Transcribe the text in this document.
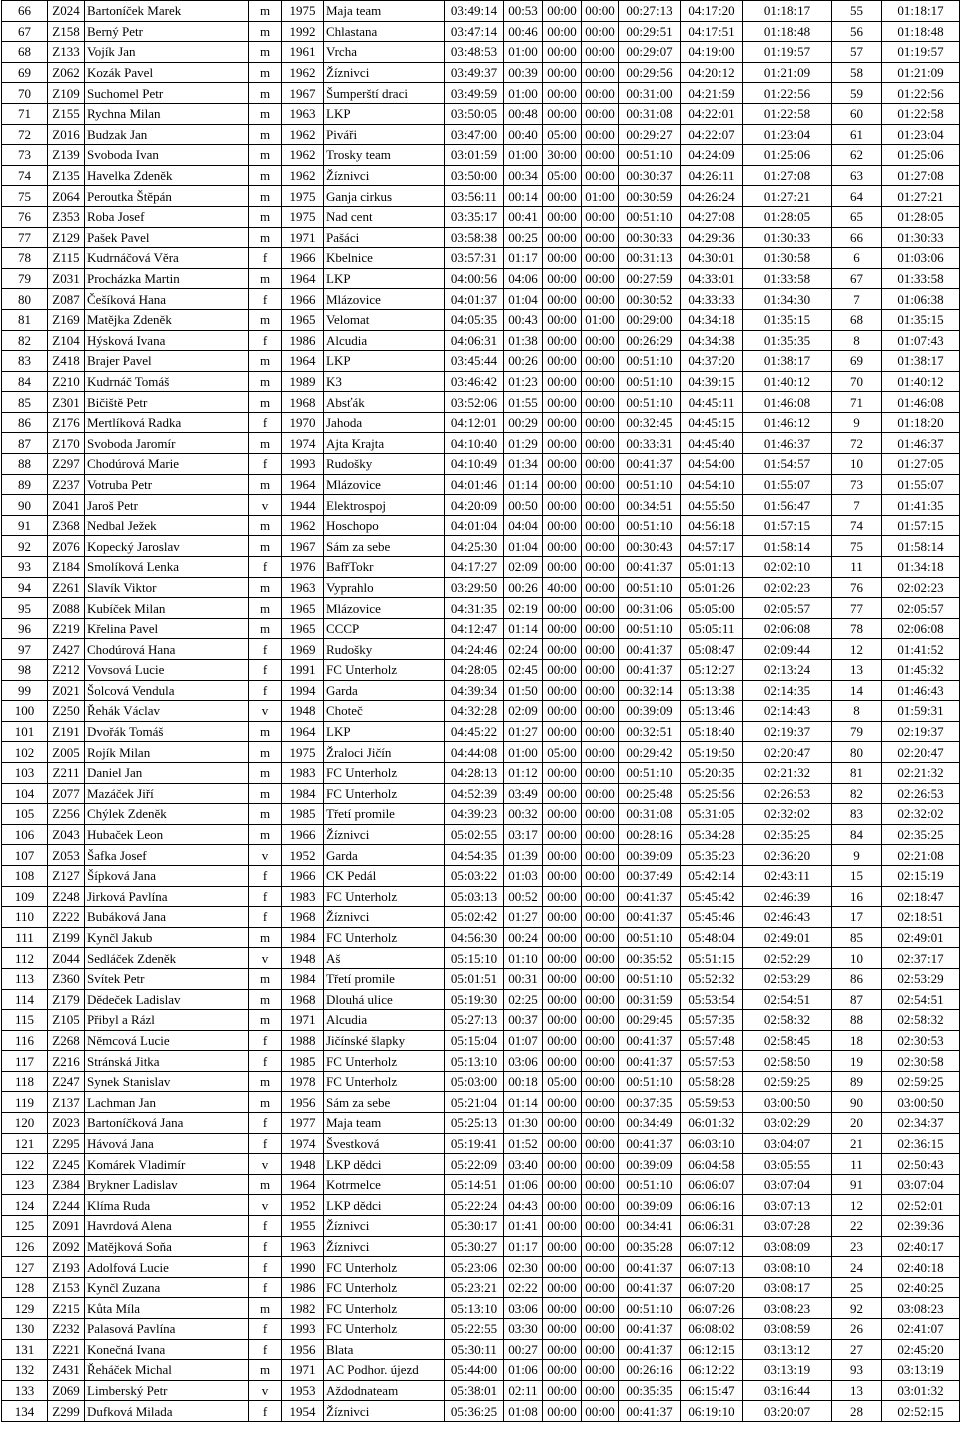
66	Z024	Bartoníček Marek	m	1975	Maja team	03:49:14	00:53	00:00	00:00	00:27:13	04:17:20	01:18:17	55	01:18:17
67	Z158	Berný Petr	m	1992	Chlastana	03:47:14	00:46	00:00	00:00	00:29:51	04:17:51	01:18:48	56	01:18:48
68	Z133	Vojík Jan	m	1961	Vrcha	03:48:53	01:00	00:00	00:00	00:29:07	04:19:00	01:19:57	57	01:19:57
69	Z062	Kozák Pavel	m	1962	Žíznivci	03:49:37	00:39	00:00	00:00	00:29:56	04:20:12	01:21:09	58	01:21:09
70	Z109	Suchomel Petr	m	1967	Šumperští draci	03:49:59	01:00	00:00	00:00	00:31:00	04:21:59	01:22:56	59	01:22:56
71	Z155	Rychna Milan	m	1963	LKP	03:50:05	00:48	00:00	00:00	00:31:08	04:22:01	01:22:58	60	01:22:58
72	Z016	Budzak Jan	m	1962	Piváři	03:47:00	00:40	05:00	00:00	00:29:27	04:22:07	01:23:04	61	01:23:04
73	Z139	Svoboda Ivan	m	1962	Trosky team	03:01:59	01:00	30:00	00:00	00:51:10	04:24:09	01:25:06	62	01:25:06
74	Z135	Havelka Zdeněk	m	1962	Žíznivci	03:50:00	00:34	05:00	00:00	00:30:37	04:26:11	01:27:08	63	01:27:08
75	Z064	Peroutka Štěpán	m	1975	Ganja cirkus	03:56:11	00:14	00:00	01:00	00:30:59	04:26:24	01:27:21	64	01:27:21
76	Z353	Roba Josef	m	1975	Nad cent	03:35:17	00:41	00:00	00:00	00:51:10	04:27:08	01:28:05	65	01:28:05
77	Z129	Pašek Pavel	m	1971	Pašáci	03:58:38	00:25	00:00	00:00	00:30:33	04:29:36	01:30:33	66	01:30:33
78	Z115	Kudrnáčová Věra	f	1966	Kbelnice	03:57:31	01:17	00:00	00:00	00:31:13	04:30:01	01:30:58	6	01:03:06
79	Z031	Procházka Martin	m	1964	LKP	04:00:56	04:06	00:00	00:00	00:27:59	04:33:01	01:33:58	67	01:33:58
80	Z087	Češíková Hana	f	1966	Mlázovice	04:01:37	01:04	00:00	00:00	00:30:52	04:33:33	01:34:30	7	01:06:38
81	Z169	Matějka Zdeněk	m	1965	Velomat	04:05:35	00:43	00:00	01:00	00:29:00	04:34:18	01:35:15	68	01:35:15
82	Z104	Hýsková Ivana	f	1986	Alcudia	04:06:31	01:38	00:00	00:00	00:26:29	04:34:38	01:35:35	8	01:07:43
83	Z418	Brajer Pavel	m	1964	LKP	03:45:44	00:26	00:00	00:00	00:51:10	04:37:20	01:38:17	69	01:38:17
84	Z210	Kudrnáč Tomáš	m	1989	K3	03:46:42	01:23	00:00	00:00	00:51:10	04:39:15	01:40:12	70	01:40:12
85	Z301	Bičiště Petr	m	1968	Absťák	03:52:06	01:55	00:00	00:00	00:51:10	04:45:11	01:46:08	71	01:46:08
86	Z176	Mertlíková Radka	f	1970	Jahoda	04:12:01	00:29	00:00	00:00	00:32:45	04:45:15	01:46:12	9	01:18:20
87	Z170	Svoboda Jaromír	m	1974	Ajta Krajta	04:10:40	01:29	00:00	00:00	00:33:31	04:45:40	01:46:37	72	01:46:37
88	Z297	Chodúrová Marie	f	1993	Rudošky	04:10:49	01:34	00:00	00:00	00:41:37	04:54:00	01:54:57	10	01:27:05
89	Z237	Votruba Petr	m	1964	Mlázovice	04:01:46	01:14	00:00	00:00	00:51:10	04:54:10	01:55:07	73	01:55:07
90	Z041	Jaroš Petr	v	1944	Elektrospoj	04:20:09	00:50	00:00	00:00	00:34:51	04:55:50	01:56:47	7	01:41:35
91	Z368	Nedbal Ježek	m	1962	Hoschopo	04:01:04	04:04	00:00	00:00	00:51:10	04:56:18	01:57:15	74	01:57:15
92	Z076	Kopecký Jaroslav	m	1967	Sám za sebe	04:25:30	01:04	00:00	00:00	00:30:43	04:57:17	01:58:14	75	01:58:14
93	Z184	Smolíková Lenka	f	1976	BafřTokr	04:17:27	02:09	00:00	00:00	00:41:37	05:01:13	02:02:10	11	01:34:18
94	Z261	Slavík Viktor	m	1963	Vyprahlo	03:29:50	00:26	40:00	00:00	00:51:10	05:01:26	02:02:23	76	02:02:23
95	Z088	Kubíček Milan	m	1965	Mlázovice	04:31:35	02:19	00:00	00:00	00:31:06	05:05:00	02:05:57	77	02:05:57
96	Z219	Křelina Pavel	m	1965	CCCP	04:12:47	01:14	00:00	00:00	00:51:10	05:05:11	02:06:08	78	02:06:08
97	Z427	Chodúrová Hana	f	1969	Rudošky	04:24:46	02:24	00:00	00:00	00:41:37	05:08:47	02:09:44	12	01:41:52
98	Z212	Vovsová Lucie	f	1991	FC Unterholz	04:28:05	02:45	00:00	00:00	00:41:37	05:12:27	02:13:24	13	01:45:32
99	Z021	Šolcová Vendula	f	1994	Garda	04:39:34	01:50	00:00	00:00	00:32:14	05:13:38	02:14:35	14	01:46:43
100	Z250	Řehák Václav	v	1948	Choteč	04:32:28	02:09	00:00	00:00	00:39:09	05:13:46	02:14:43	8	01:59:31
101	Z191	Dvořák Tomáš	m	1964	LKP	04:45:22	01:27	00:00	00:00	00:32:51	05:18:40	02:19:37	79	02:19:37
102	Z005	Rojík Milan	m	1975	Žraloci Jičín	04:44:08	01:00	05:00	00:00	00:29:42	05:19:50	02:20:47	80	02:20:47
103	Z211	Daniel Jan	m	1983	FC Unterholz	04:28:13	01:12	00:00	00:00	00:51:10	05:20:35	02:21:32	81	02:21:32
104	Z077	Mazáček Jiří	m	1984	FC Unterholz	04:52:39	03:49	00:00	00:00	00:25:48	05:25:56	02:26:53	82	02:26:53
105	Z256	Chýlek Zdeněk	m	1985	Třetí promile	04:39:23	00:32	00:00	00:00	00:31:08	05:31:05	02:32:02	83	02:32:02
106	Z043	Hubaček Leon	m	1966	Žíznivci	05:02:55	03:17	00:00	00:00	00:28:16	05:34:28	02:35:25	84	02:35:25
107	Z053	Šafka Josef	v	1952	Garda	04:54:35	01:39	00:00	00:00	00:39:09	05:35:23	02:36:20	9	02:21:08
108	Z127	Šípková Jana	f	1966	CK Pedál	05:03:22	01:03	00:00	00:00	00:37:49	05:42:14	02:43:11	15	02:15:19
109	Z248	Jirková Pavlína	f	1983	FC Unterholz	05:03:13	00:52	00:00	00:00	00:41:37	05:45:42	02:46:39	16	02:18:47
110	Z222	Bubáková Jana	f	1968	Žíznivci	05:02:42	01:27	00:00	00:00	00:41:37	05:45:46	02:46:43	17	02:18:51
111	Z199	Kynčl Jakub	m	1984	FC Unterholz	04:56:30	00:24	00:00	00:00	00:51:10	05:48:04	02:49:01	85	02:49:01
112	Z044	Sedláček Zdeněk	v	1948	Aš	05:15:10	01:10	00:00	00:00	00:35:52	05:51:15	02:52:29	10	02:37:17
113	Z360	Svítek Petr	m	1984	Třetí promile	05:01:51	00:31	00:00	00:00	00:51:10	05:52:32	02:53:29	86	02:53:29
114	Z179	Dědeček Ladislav	m	1968	Dlouhá ulice	05:19:30	02:25	00:00	00:00	00:31:59	05:53:54	02:54:51	87	02:54:51
115	Z105	Přibyl a Rázl	m	1971	Alcudia	05:27:13	00:37	00:00	00:00	00:29:45	05:57:35	02:58:32	88	02:58:32
116	Z268	Němcová Lucie	f	1988	Jičínské šlapky	05:15:04	01:07	00:00	00:00	00:41:37	05:57:48	02:58:45	18	02:30:53
117	Z216	Stránská Jitka	f	1985	FC Unterholz	05:13:10	03:06	00:00	00:00	00:41:37	05:57:53	02:58:50	19	02:30:58
118	Z247	Synek Stanislav	m	1978	FC Unterholz	05:03:00	00:18	05:00	00:00	00:51:10	05:58:28	02:59:25	89	02:59:25
119	Z137	Lachman Jan	m	1956	Sám za sebe	05:21:04	01:14	00:00	00:00	00:37:35	05:59:53	03:00:50	90	03:00:50
120	Z023	Bartoníčková Jana	f	1977	Maja team	05:25:13	01:30	00:00	00:00	00:34:49	06:01:32	03:02:29	20	02:34:37
121	Z295	Hávová Jana	f	1974	Švestková	05:19:41	01:52	00:00	00:00	00:41:37	06:03:10	03:04:07	21	02:36:15
122	Z245	Komárek Vladimír	v	1948	LKP dědci	05:22:09	03:40	00:00	00:00	00:39:09	06:04:58	03:05:55	11	02:50:43
123	Z384	Brykner Ladislav	m	1964	Kotrmelce	05:14:51	01:06	00:00	00:00	00:51:10	06:06:07	03:07:04	91	03:07:04
124	Z244	Klíma Ruda	v	1952	LKP dědci	05:22:24	04:43	00:00	00:00	00:39:09	06:06:16	03:07:13	12	02:52:01
125	Z091	Havrdová Alena	f	1955	Žíznivci	05:30:17	01:41	00:00	00:00	00:34:41	06:06:31	03:07:28	22	02:39:36
126	Z092	Matějková Soňa	f	1963	Žíznivci	05:30:27	01:17	00:00	00:00	00:35:28	06:07:12	03:08:09	23	02:40:17
127	Z193	Adolfová Lucie	f	1990	FC Unterholz	05:23:06	02:30	00:00	00:00	00:41:37	06:07:13	03:08:10	24	02:40:18
128	Z153	Kynčl Zuzana	f	1986	FC Unterholz	05:23:21	02:22	00:00	00:00	00:41:37	06:07:20	03:08:17	25	02:40:25
129	Z215	Kůta Míla	m	1982	FC Unterholz	05:13:10	03:06	00:00	00:00	00:51:10	06:07:26	03:08:23	92	03:08:23
130	Z232	Palasová Pavlína	f	1993	FC Unterholz	05:22:55	03:30	00:00	00:00	00:41:37	06:08:02	03:08:59	26	02:41:07
131	Z221	Konečná Ivana	f	1956	Blata	05:30:11	00:27	00:00	00:00	00:41:37	06:12:15	03:13:12	27	02:45:20
132	Z431	Řeháček Michal	m	1971	AC Podhor. újezd	05:44:00	01:06	00:00	00:00	00:26:16	06:12:22	03:13:19	93	03:13:19
133	Z069	Limberský Petr	v	1953	Aždodnateam	05:38:01	02:11	00:00	00:00	00:35:35	06:15:47	03:16:44	13	03:01:32
134	Z299	Dufková Milada	f	1954	Žíznivci	05:36:25	01:08	00:00	00:00	00:41:37	06:19:10	03:20:07	28	02:52:15
